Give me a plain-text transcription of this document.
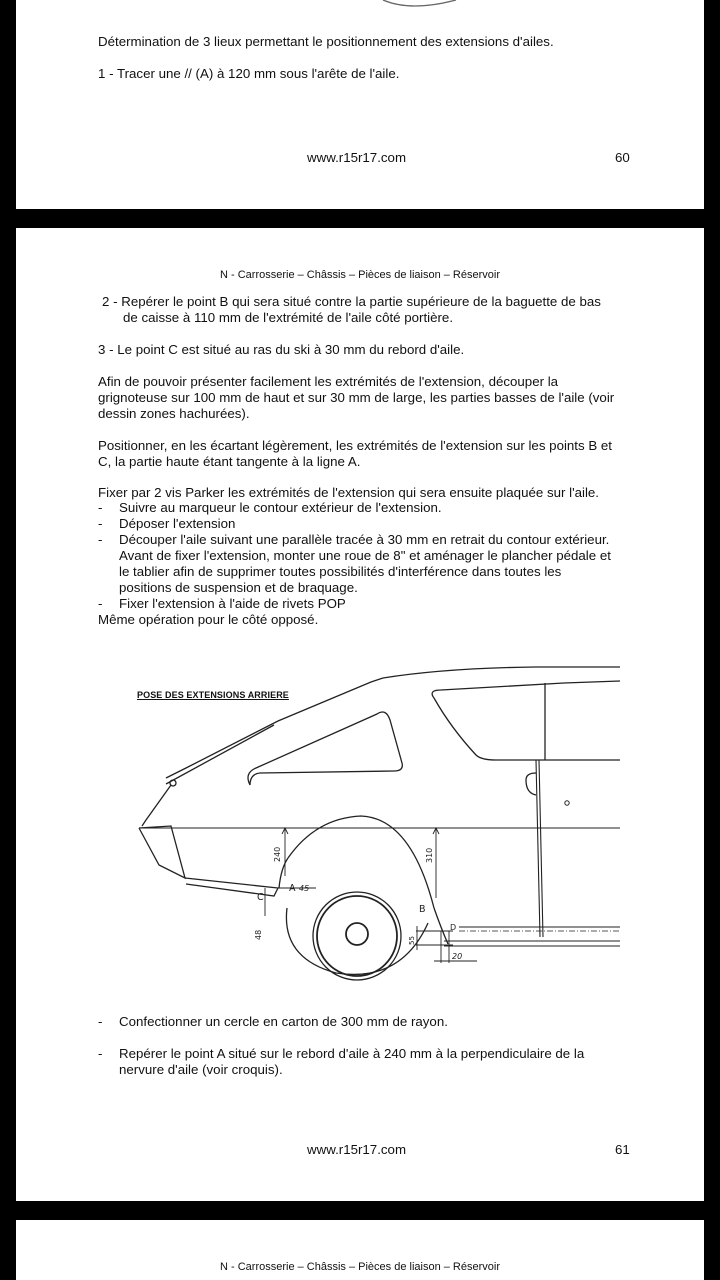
Détermination de 3 lieux permettant le positionnement des extensions d'ailes.
1 - Tracer une // (A) à 120 mm sous l'arête de l'aile.
www.r15r17.com	60
N - Carrosserie – Châssis – Pièces de liaison – Réservoir
2 - Repérer le point B qui sera situé contre la partie supérieure de la baguette de bas
de caisse à 110 mm de l'extrémité de l'aile côté portière.
3 - Le point C est situé au ras du ski à 30 mm du rebord d'aile.
Afin de pouvoir présenter facilement les extrémités de l'extension, découper la
grignoteuse sur 100 mm de haut et sur 30 mm de large, les parties basses de l'aile (voir
dessin zones hachurées).
Positionner, en les écartant légèrement, les extrémités de l'extension sur les points B et
C, la partie haute étant tangente à la ligne A.
Fixer par 2 vis Parker les extrémités de l'extension qui sera ensuite plaquée sur l'aile.
- Suivre au marqueur le contour extérieur de l'extension.
- Déposer l'extension
- Découper l'aile suivant une parallèle tracée à 30 mm en retrait du contour extérieur.
Avant de fixer l'extension, monter une roue de 8" et aménager le plancher pédale et
le tablier afin de supprimer toutes possibilités d'interférence dans toutes les
positions de suspension et de braquage.
- Fixer l'extension à l'aide de rivets POP
Même opération pour le côté opposé.
POSE DES EXTENSIONS ARRIERE
C
A
B
D
45
20
240	310
48
55
- Confectionner un cercle en carton de 300 mm de rayon.
- Repérer le point A situé sur le rebord d'aile à 240 mm à la perpendiculaire de la
nervure d'aile (voir croquis).
www.r15r17.com	61
N - Carrosserie – Châssis – Pièces de liaison – Réservoir
